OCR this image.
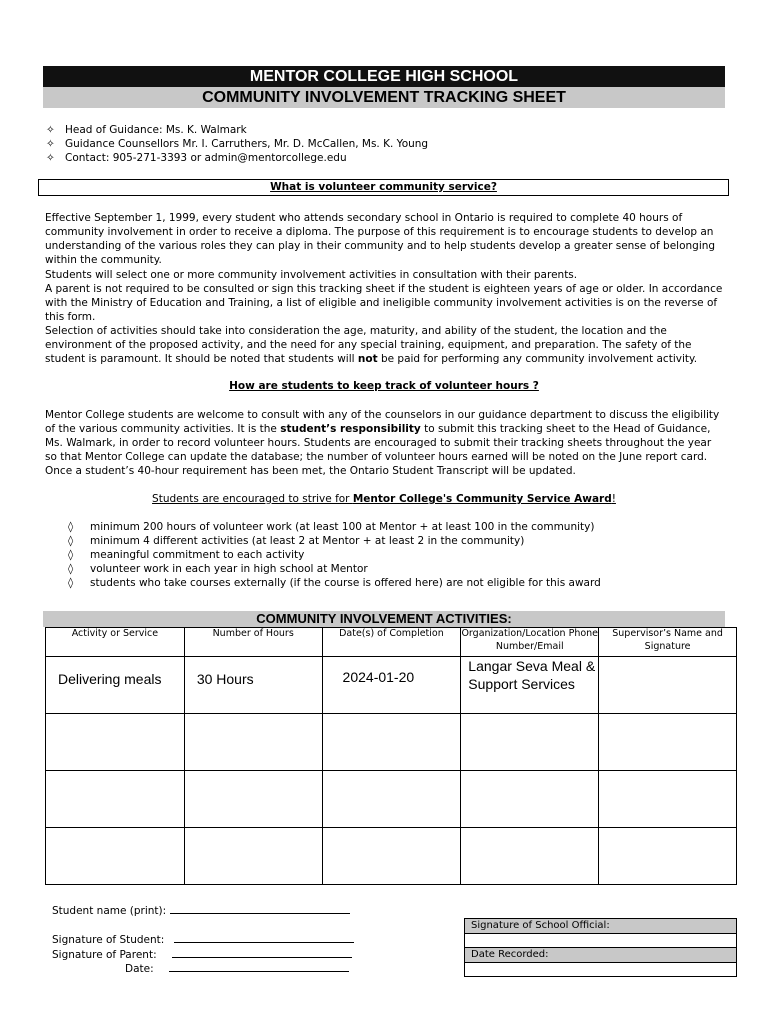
MENTOR COLLEGE HIGH SCHOOL
COMMUNITY INVOLVEMENT TRACKING SHEET
✧ Head of Guidance: Ms. K. Walmark
✧ Guidance Counsellors Mr. I. Carruthers, Mr. D. McCallen, Ms. K. Young
✧ Contact: 905-271-3393 or admin@mentorcollege.edu
What is volunteer community service?
Effective September 1, 1999, every student who attends secondary school in Ontario is required to complete 40 hours of community involvement in order to receive a diploma. The purpose of this requirement is to encourage students to develop an understanding of the various roles they can play in their community and to help students develop a greater sense of belonging within the community.
Students will select one or more community involvement activities in consultation with their parents.
A parent is not required to be consulted or sign this tracking sheet if the student is eighteen years of age or older. In accordance with the Ministry of Education and Training, a list of eligible and ineligible community involvement activities is on the reverse of this form.
Selection of activities should take into consideration the age, maturity, and ability of the student, the location and the environment of the proposed activity, and the need for any special training, equipment, and preparation. The safety of the student is paramount. It should be noted that students will not be paid for performing any community involvement activity.
How are students to keep track of volunteer hours ?
Mentor College students are welcome to consult with any of the counselors in our guidance department to discuss the eligibility of the various community activities. It is the student’s responsibility to submit this tracking sheet to the Head of Guidance, Ms. Walmark, in order to record volunteer hours. Students are encouraged to submit their tracking sheets throughout the year so that Mentor College can update the database; the number of volunteer hours earned will be noted on the June report card. Once a student’s 40-hour requirement has been met, the Ontario Student Transcript will be updated.
Students are encouraged to strive for Mentor College's Community Service Award!
◊ minimum 200 hours of volunteer work (at least 100 at Mentor + at least 100 in the community)
◊ minimum 4 different activities (at least 2 at Mentor + at least 2 in the community)
◊ meaningful commitment to each activity
◊ volunteer work in each year in high school at Mentor
◊ students who take courses externally (if the course is offered here) are not eligible for this award
COMMUNITY INVOLVEMENT ACTIVITIES:
Activity or Service	Number of Hours	Date(s) of Completion	Organization/Location Phone Number/Email	Supervisor’s Name and Signature

Delivering meals	30 Hours	2024-01-20	Langar Seva Meal & Support Services	

Student name (print):
Signature of Student:
Signature of Parent:
Date:
Signature of School Official:
Date Recorded:
